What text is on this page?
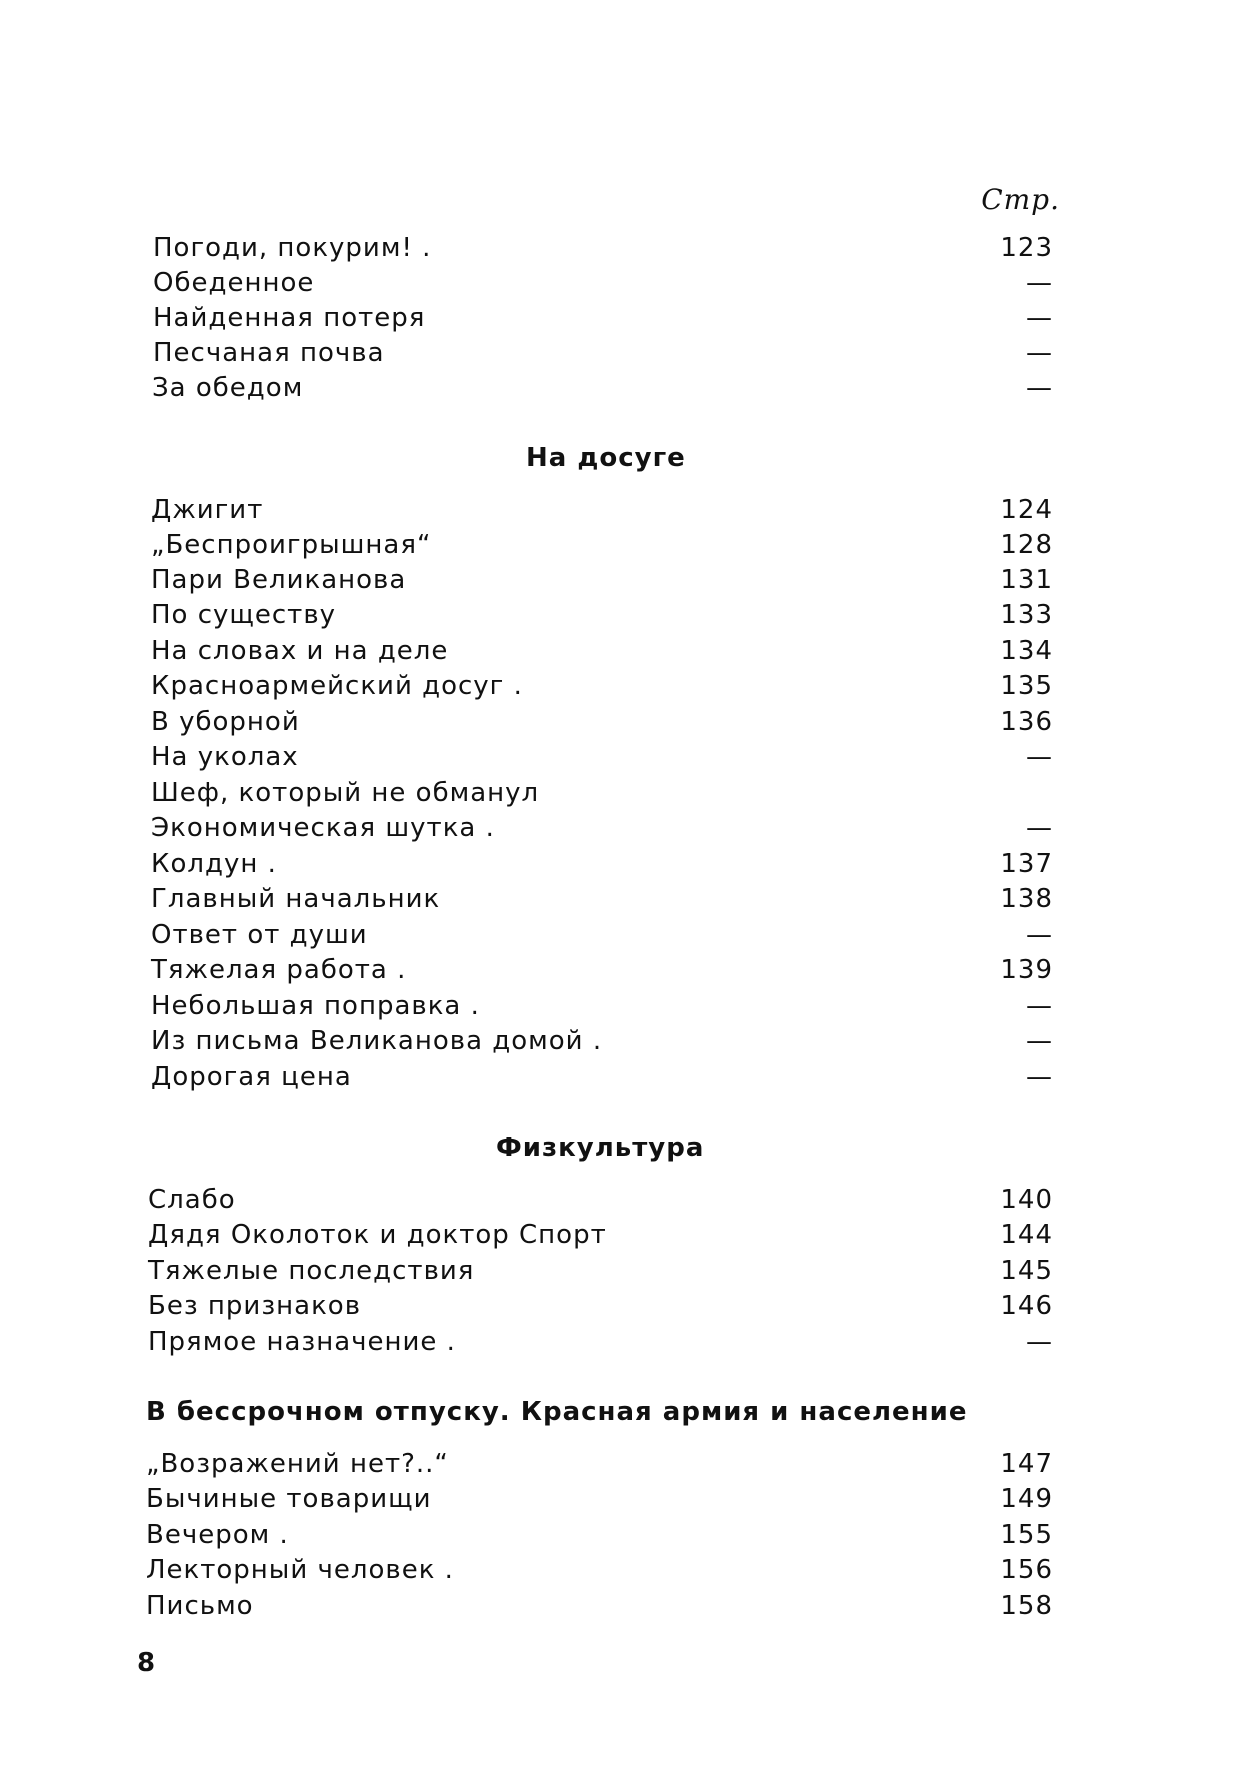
Стр.
Погоди, покурим! .	123
Обеденное	—
Найденная потеря	—
Песчаная почва	—
За обедом	—
На досуге
Джигит	124
„Беспроигрышная“	128
Пари Великанова	131
По существу	133
На словах и на деле	134
Красноармейский досуг .	135
В уборной	136
На уколах	—
Шеф, который не обманул
Экономическая шутка .	—
Колдун .	137
Главный начальник	138
Ответ от души	—
Тяжелая работа .	139
Небольшая поправка .	—
Из письма Великанова домой .	—
Дорогая цена	—
Физкультура
Слабо	140
Дядя Околоток и доктор Спорт	144
Тяжелые последствия	145
Без признаков	146
Прямое назначение .	—
В бессрочном отпуску. Красная армия и население
„Возражений нет?..“	147
Бычиные товарищи	149
Вечером .	155
Лекторный человек .	156
Письмо	158
8
